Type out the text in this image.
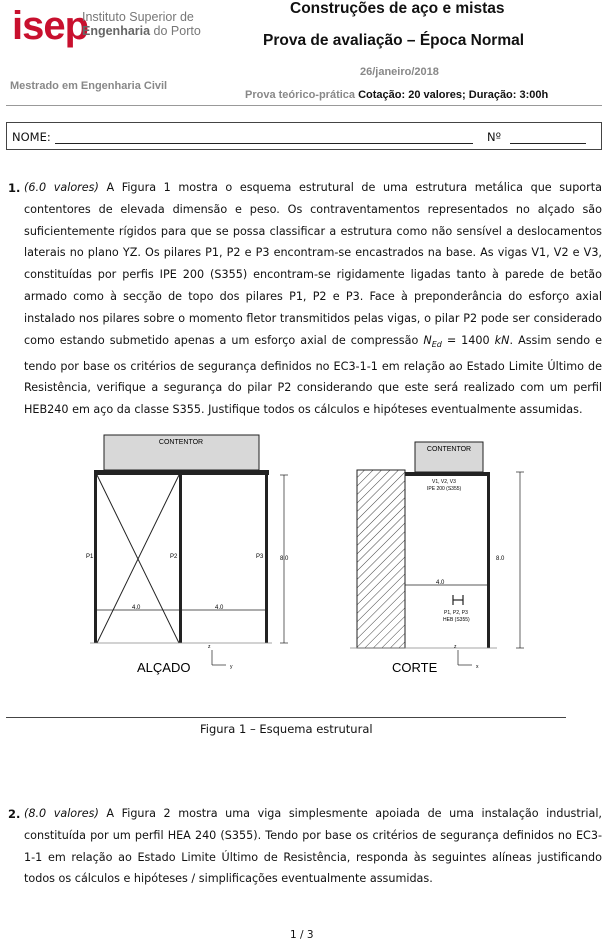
isep
Instituto Superior de
Engenharia do Porto
Construções de aço e mistas
Prova de avaliação – Época Normal
26/janeiro/2018
Mestrado em Engenharia Civil
Prova teórico-prática Cotação: 20 valores; Duração: 3:00h
NOME:	Nº
1. (6.0 valores) A Figura 1 mostra o esquema estrutural de uma estrutura metálica que suporta contentores de elevada dimensão e peso. Os contraventamentos representados no alçado são suficientemente rígidos para que se possa classificar a estrutura como não sensível a deslocamentos laterais no plano YZ. Os pilares P1, P2 e P3 encontram-se encastrados na base. As vigas V1, V2 e V3, constituídas por perfis IPE 200 (S355) encontram-se rigidamente ligadas tanto à parede de betão armado como à secção de topo dos pilares P1, P2 e P3. Face à preponderância do esforço axial instalado nos pilares sobre o momento fletor transmitidos pelas vigas, o pilar P2 pode ser considerado como estando submetido apenas a um esforço axial de compressão $N_{Ed} = 1400$ kN. Assim sendo e tendo por base os critérios de segurança definidos no EC3-1-1 em relação ao Estado Limite Último de Resistência, verifique a segurança do pilar P2 considerando que este será realizado com um perfil HEB240 em aço da classe S355. Justifique todos os cálculos e hipóteses eventualmente assumidas.
CONTENTOR
P1	P2	P3	8.0
4.0	4.0
z
y
ALÇADO
CONTENTOR
V1, V2, V3
IPE 200 (S355)
8.0
4.0
P1, P2, P3
HEB (S355)
z
x
CORTE
Figura 1 – Esquema estrutural
2. (8.0 valores) A Figura 2 mostra uma viga simplesmente apoiada de uma instalação industrial, constituída por um perfil HEA 240 (S355). Tendo por base os critérios de segurança definidos no EC3-1-1 em relação ao Estado Limite Último de Resistência, responda às seguintes alíneas justificando todos os cálculos e hipóteses / simplificações eventualmente assumidas.
1 / 3
